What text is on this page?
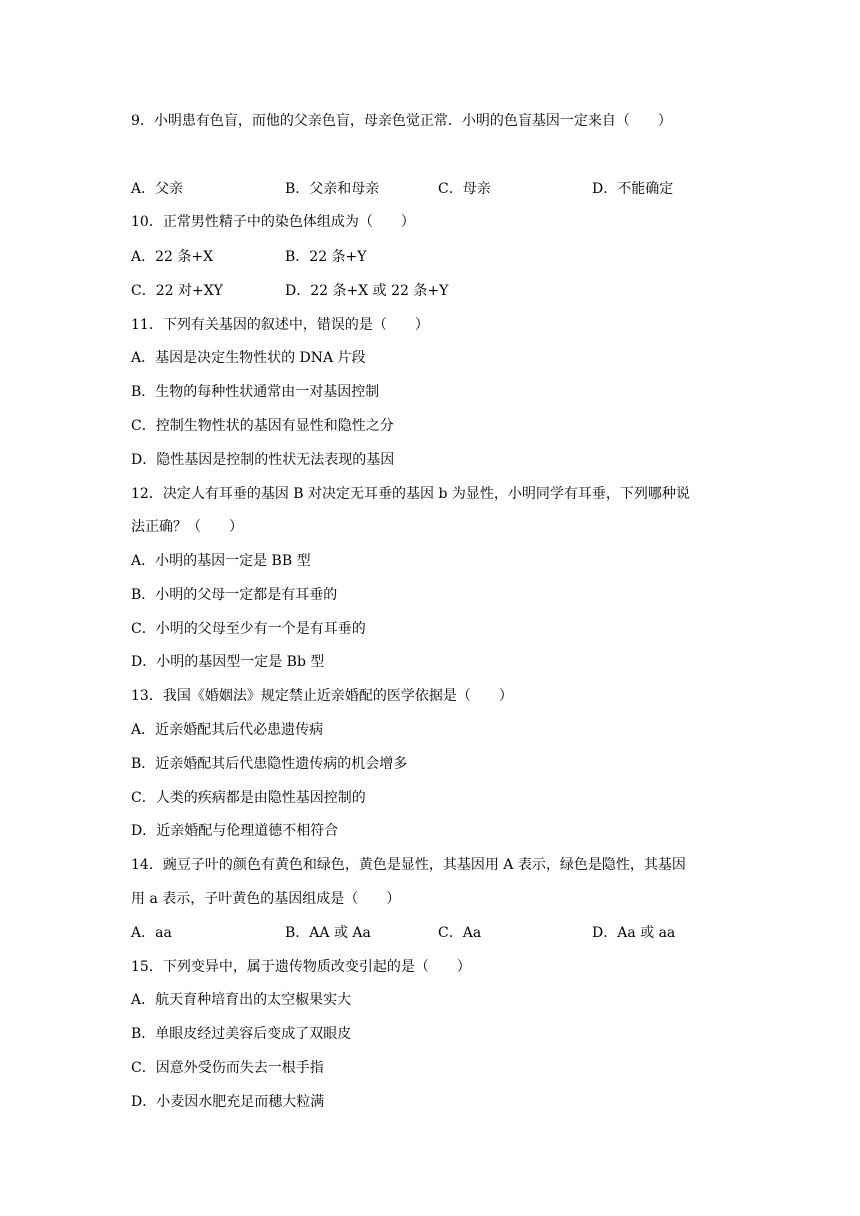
9．小明患有色盲，而他的父亲色盲，母亲色觉正常．小明的色盲基因一定来自（　　）
A．父亲	B．父亲和母亲	C．母亲	D．不能确定
10．正常男性精子中的染色体组成为（　　）
A．22 条+X	B．22 条+Y
C．22 对+XY	D．22 条+X 或 22 条+Y
11．下列有关基因的叙述中，错误的是（　　）
A．基因是决定生物性状的 DNA 片段
B．生物的每种性状通常由一对基因控制
C．控制生物性状的基因有显性和隐性之分
D．隐性基因是控制的性状无法表现的基因
12．决定人有耳垂的基因 B 对决定无耳垂的基因 b 为显性，小明同学有耳垂，下列哪种说
法正确？（　　）
A．小明的基因一定是 BB 型
B．小明的父母一定都是有耳垂的
C．小明的父母至少有一个是有耳垂的
D．小明的基因型一定是 Bb 型
13．我国《婚姻法》规定禁止近亲婚配的医学依据是（　　）
A．近亲婚配其后代必患遗传病
B．近亲婚配其后代患隐性遗传病的机会增多
C．人类的疾病都是由隐性基因控制的
D．近亲婚配与伦理道德不相符合
14．豌豆子叶的颜色有黄色和绿色，黄色是显性，其基因用 A 表示，绿色是隐性，其基因
用 a 表示，子叶黄色的基因组成是（　　）
A．aa	B．AA 或 Aa	C．Aa	D．Aa 或 aa
15．下列变异中，属于遗传物质改变引起的是（　　）
A．航天育种培育出的太空椒果实大
B．单眼皮经过美容后变成了双眼皮
C．因意外受伤而失去一根手指
D．小麦因水肥充足而穗大粒满
